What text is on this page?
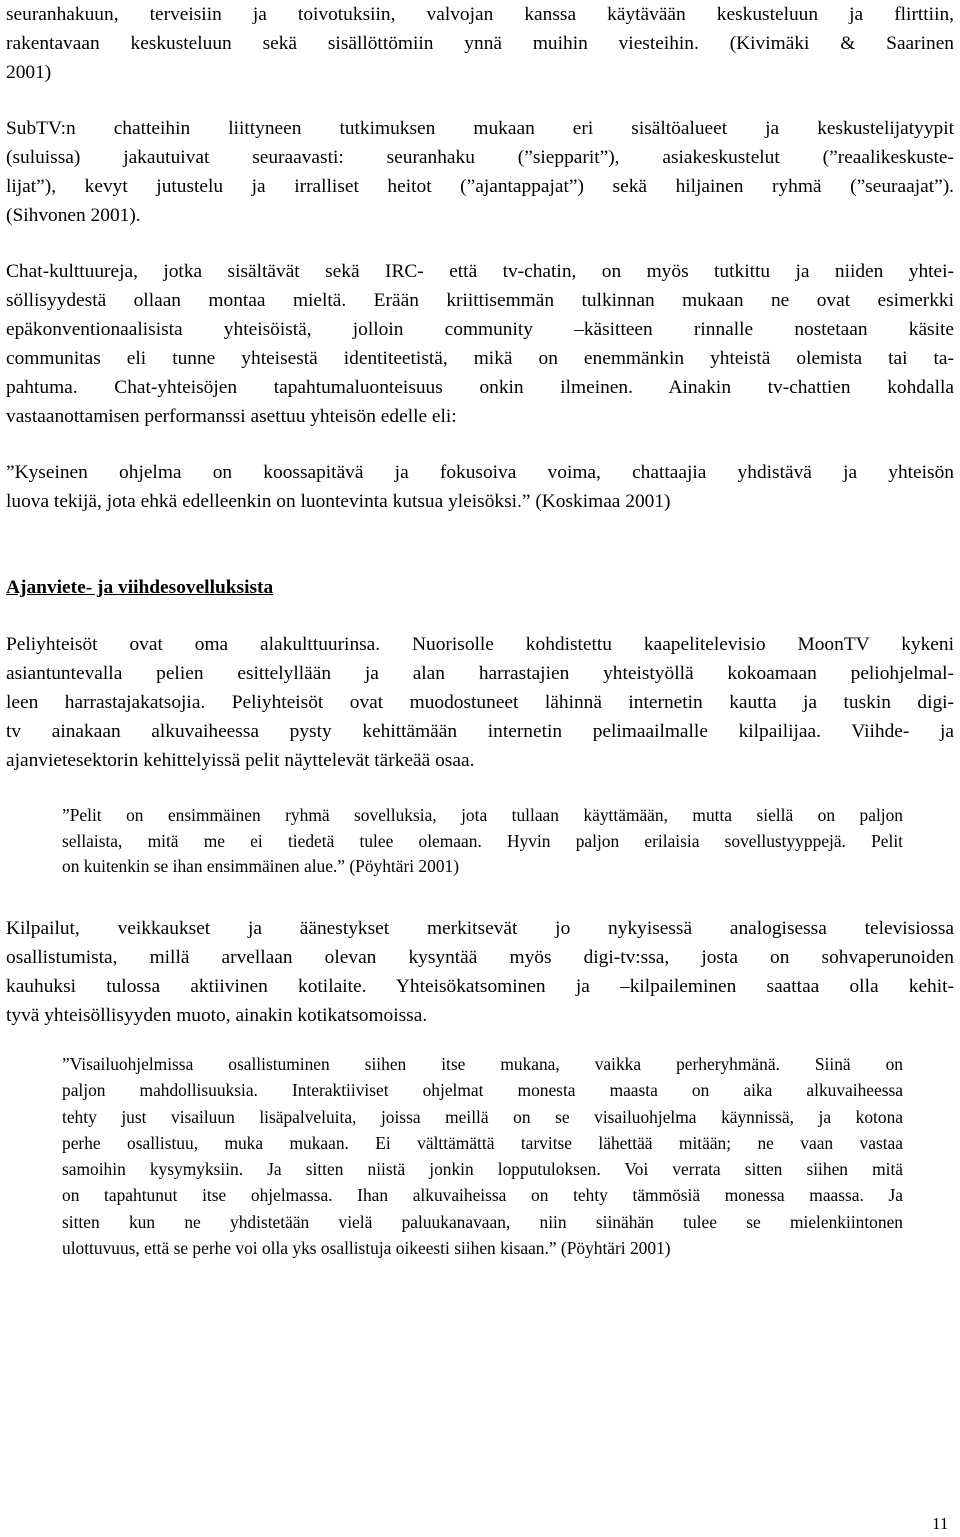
seuranhakuun, terveisiin ja toivotuksiin, valvojan kanssa käytävään keskusteluun ja flirttiin,
rakentavaan keskusteluun sekä sisällöttömiin ynnä muihin viesteihin. (Kivimäki & Saarinen
2001)
SubTV:n chatteihin liittyneen tutkimuksen mukaan eri sisältöalueet ja keskustelijatyypit
(suluissa) jakautuivat seuraavasti: seuranhaku (”siepparit”), asiakeskustelut (”reaalikeskuste-
lijat”), kevyt jutustelu ja irralliset heitot (”ajantappajat”) sekä hiljainen ryhmä (”seuraajat”).
(Sihvonen 2001).
Chat-kulttuureja, jotka sisältävät sekä IRC- että tv-chatin, on myös tutkittu ja niiden yhtei-
söllisyydestä ollaan montaa mieltä. Erään kriittisemmän tulkinnan mukaan ne ovat esimerkki
epäkonventionaalisista yhteisöistä, jolloin community –käsitteen rinnalle nostetaan käsite
communitas eli tunne yhteisestä identiteetistä, mikä on enemmänkin yhteistä olemista tai ta-
pahtuma. Chat-yhteisöjen tapahtumaluonteisuus onkin ilmeinen. Ainakin tv-chattien kohdalla
vastaanottamisen performanssi asettuu yhteisön edelle eli:
”Kyseinen ohjelma on koossapitävä ja fokusoiva voima, chattaajia yhdistävä ja yhteisön
luova tekijä, jota ehkä edelleenkin on luontevinta kutsua yleisöksi.” (Koskimaa 2001)
Ajanviete- ja viihdesovelluksista
Peliyhteisöt ovat oma alakulttuurinsa. Nuorisolle kohdistettu kaapelitelevisio MoonTV kykeni
asiantuntevalla pelien esittelyllään ja alan harrastajien yhteistyöllä kokoamaan peliohjelmal-
leen harrastajakatsojia. Peliyhteisöt ovat muodostuneet lähinnä internetin kautta ja tuskin digi-
tv ainakaan alkuvaiheessa pysty kehittämään internetin pelimaailmalle kilpailijaa. Viihde- ja
ajanvietesektorin kehittelyissä pelit näyttelevät tärkeää osaa.
”Pelit on ensimmäinen ryhmä sovelluksia, jota tullaan käyttämään, mutta siellä on paljon
sellaista, mitä me ei tiedetä tulee olemaan. Hyvin paljon erilaisia sovellustyyppejä. Pelit
on kuitenkin se ihan ensimmäinen alue.” (Pöyhtäri 2001)
Kilpailut, veikkaukset ja äänestykset merkitsevät jo nykyisessä analogisessa televisiossa
osallistumista, millä arvellaan olevan kysyntää myös digi-tv:ssa, josta on sohvaperunoiden
kauhuksi tulossa aktiivinen kotilaite. Yhteisökatsominen ja –kilpaileminen saattaa olla kehit-
tyvä yhteisöllisyyden muoto, ainakin kotikatsomoissa.
”Visailuohjelmissa osallistuminen siihen itse mukana, vaikka perheryhmänä. Siinä on
paljon mahdollisuuksia. Interaktiiviset ohjelmat monesta maasta on aika alkuvaiheessa
tehty just visailuun lisäpalveluita, joissa meillä on se visailuohjelma käynnissä, ja kotona
perhe osallistuu, muka mukaan. Ei välttämättä tarvitse lähettää mitään; ne vaan vastaa
samoihin kysymyksiin. Ja sitten niistä jonkin lopputuloksen. Voi verrata sitten siihen mitä
on tapahtunut itse ohjelmassa. Ihan alkuvaiheissa on tehty tämmösiä monessa maassa. Ja
sitten kun ne yhdistetään vielä paluukanavaan, niin siinähän tulee se mielenkiintonen
ulottuvuus, että se perhe voi olla yks osallistuja oikeesti siihen kisaan.” (Pöyhtäri 2001)
11
